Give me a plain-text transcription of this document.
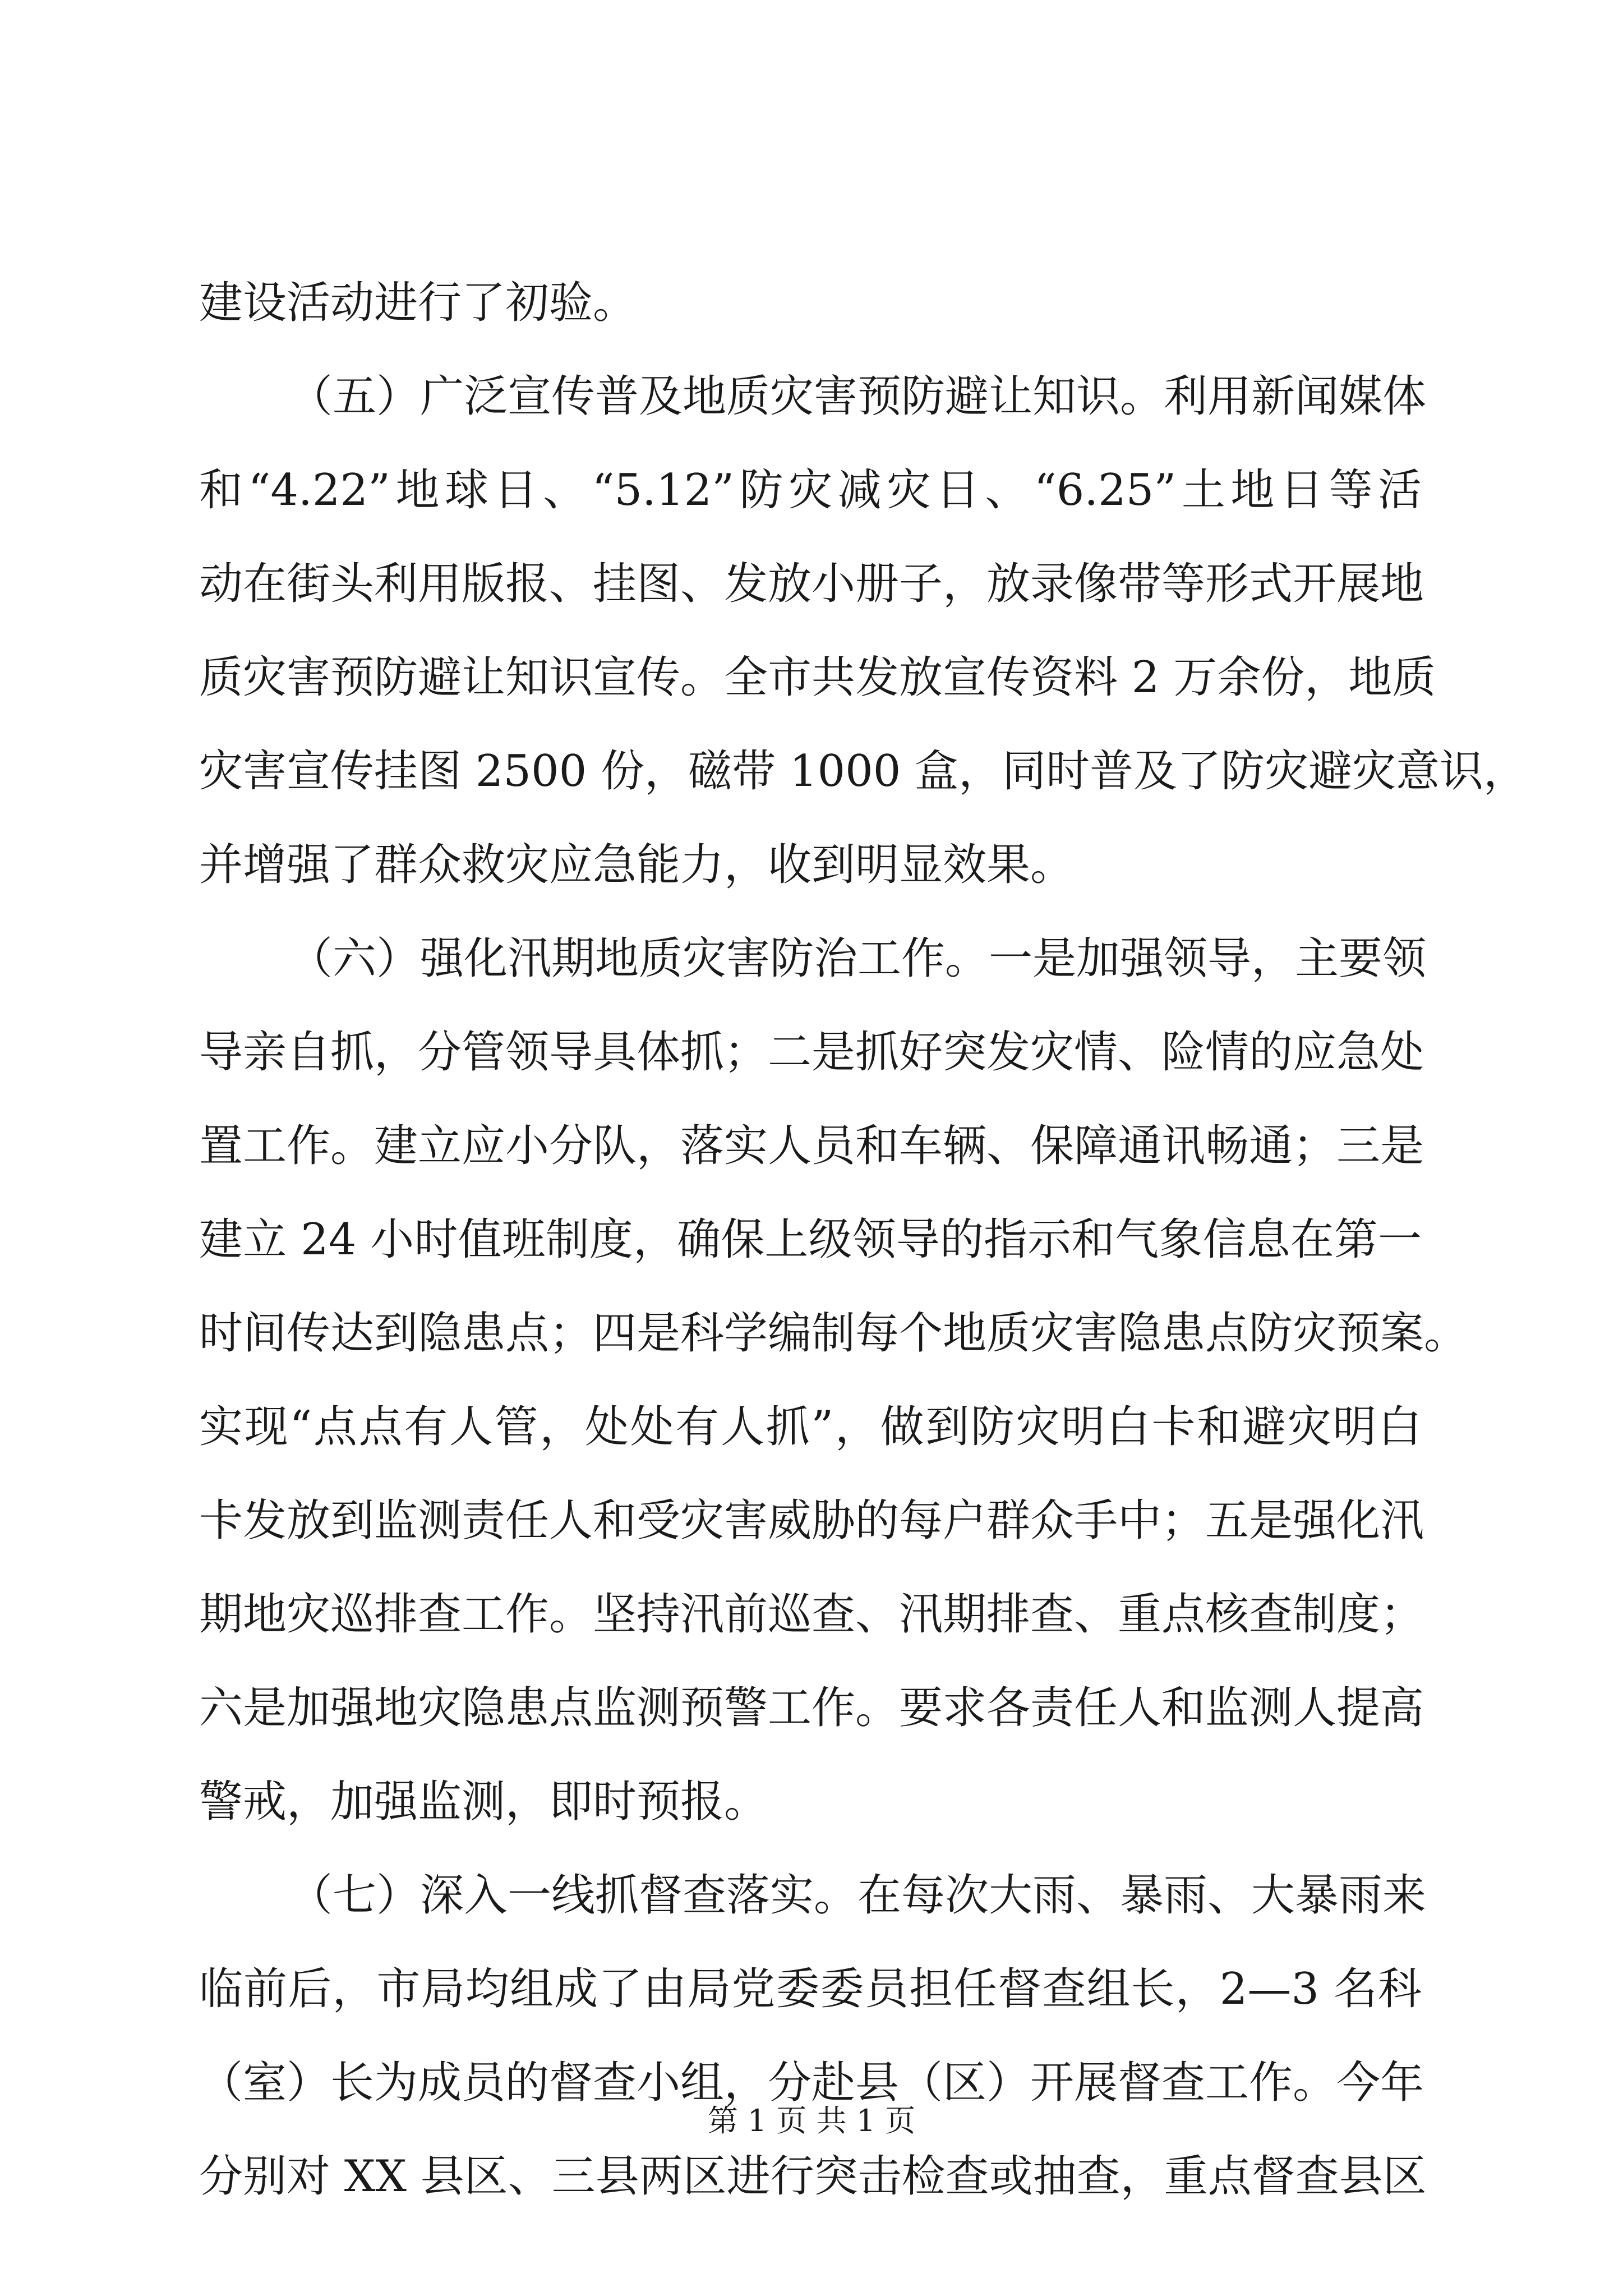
建设活动进行了初验。
（五）广泛宣传普及地质灾害预防避让知识。利用新闻媒体
和“4.22”地球日、“5.12”防灾减灾日、“6.25”土地日等活
动在街头利用版报、挂图、发放小册子，放录像带等形式开展地
质灾害预防避让知识宣传。全市共发放宣传资料 2 万余份，地质
灾害宣传挂图 2500 份，磁带 1000 盒，同时普及了防灾避灾意识，
并增强了群众救灾应急能力，收到明显效果。
（六）强化汛期地质灾害防治工作。一是加强领导，主要领
导亲自抓，分管领导具体抓；二是抓好突发灾情、险情的应急处
置工作。建立应小分队，落实人员和车辆、保障通讯畅通；三是
建立 24 小时值班制度，确保上级领导的指示和气象信息在第一
时间传达到隐患点；四是科学编制每个地质灾害隐患点防灾预案。
实现“点点有人管，处处有人抓”，做到防灾明白卡和避灾明白
卡发放到监测责任人和受灾害威胁的每户群众手中；五是强化汛
期地灾巡排查工作。坚持汛前巡查、汛期排查、重点核查制度；
六是加强地灾隐患点监测预警工作。要求各责任人和监测人提高
警戒，加强监测，即时预报。
（七）深入一线抓督查落实。在每次大雨、暴雨、大暴雨来
临前后，市局均组成了由局党委委员担任督查组长，2—3 名科
（室）长为成员的督查小组，分赴县（区）开展督查工作。今年
分别对 XX 县区、三县两区进行突击检查或抽查，重点督查县区
第 1 页 共 1 页
